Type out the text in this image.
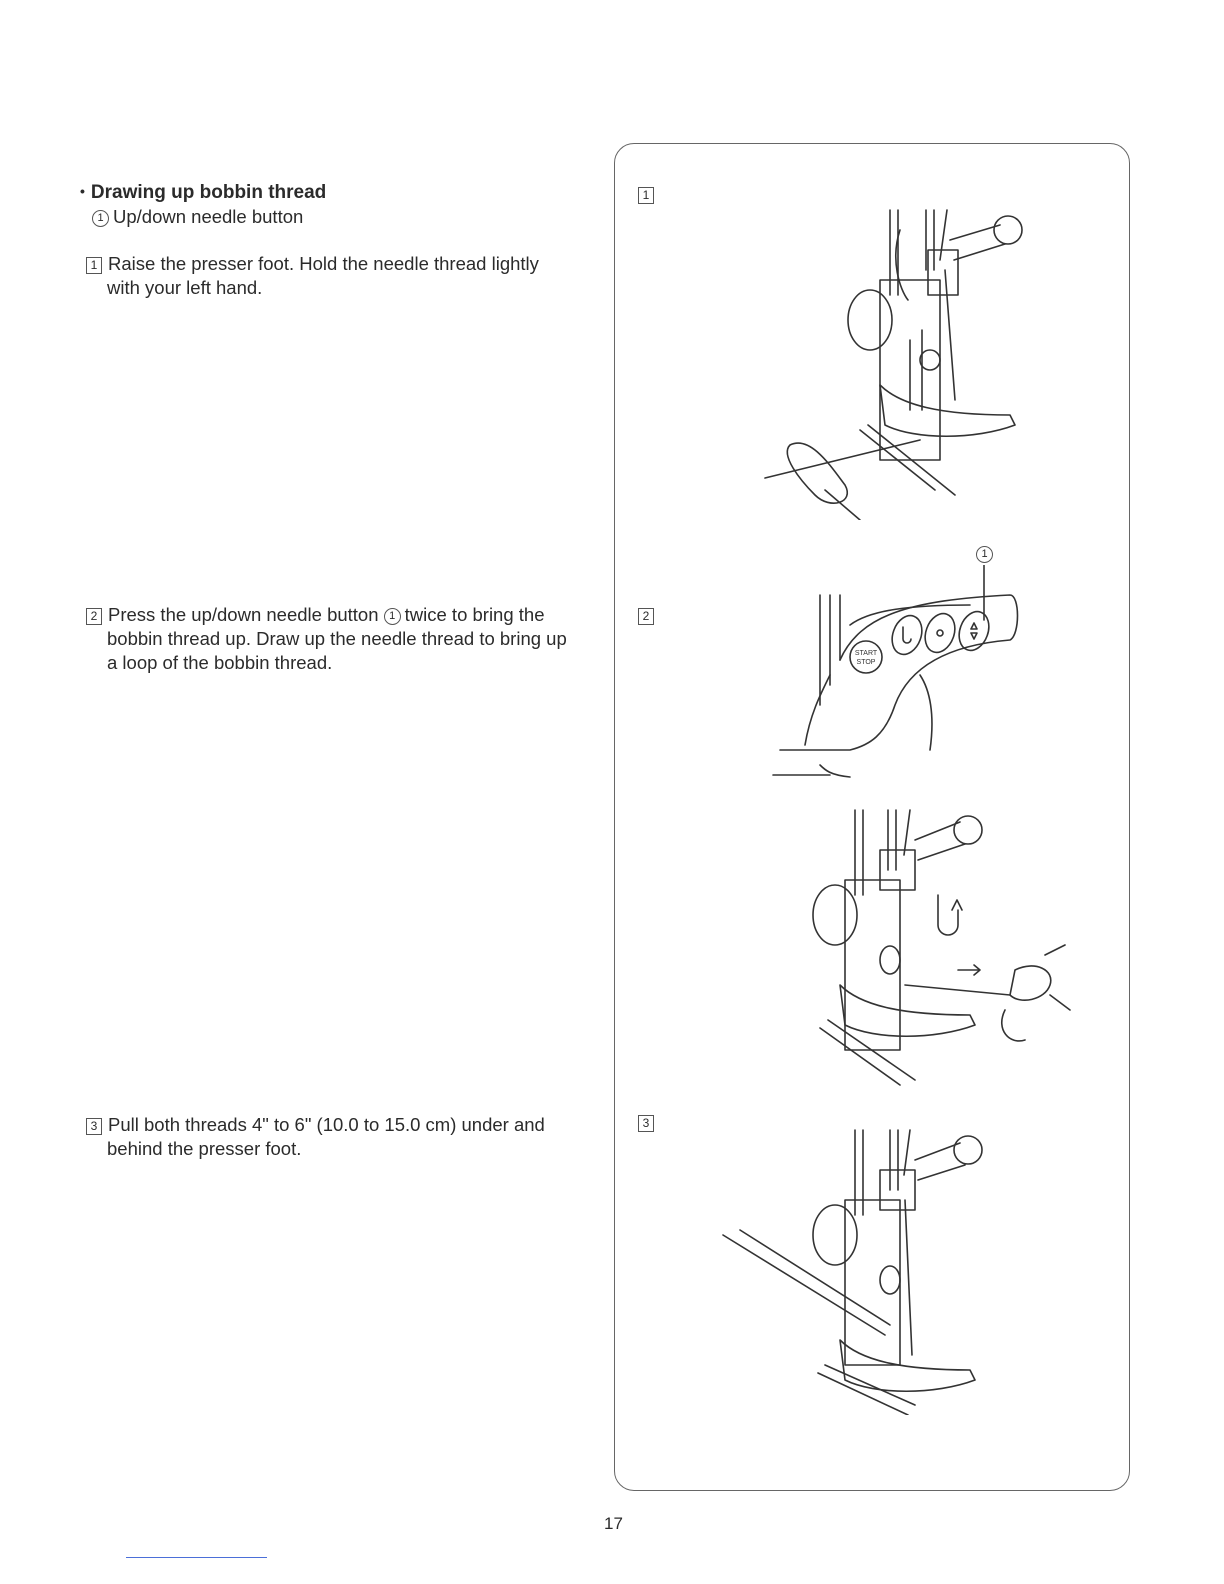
• Drawing up bobbin thread
1 Up/down needle button

1 Raise the presser foot. Hold the needle thread lightly

with your left hand.

2 Press the up/down needle button 1 twice to bring the

bobbin thread up. Draw up the needle thread to bring up

a loop of the bobbin thread.

3 Pull both threads 4" to 6" (10.0 to 15.0 cm) under and

behind the presser foot.

1
2
3
1
START
STOP
17
